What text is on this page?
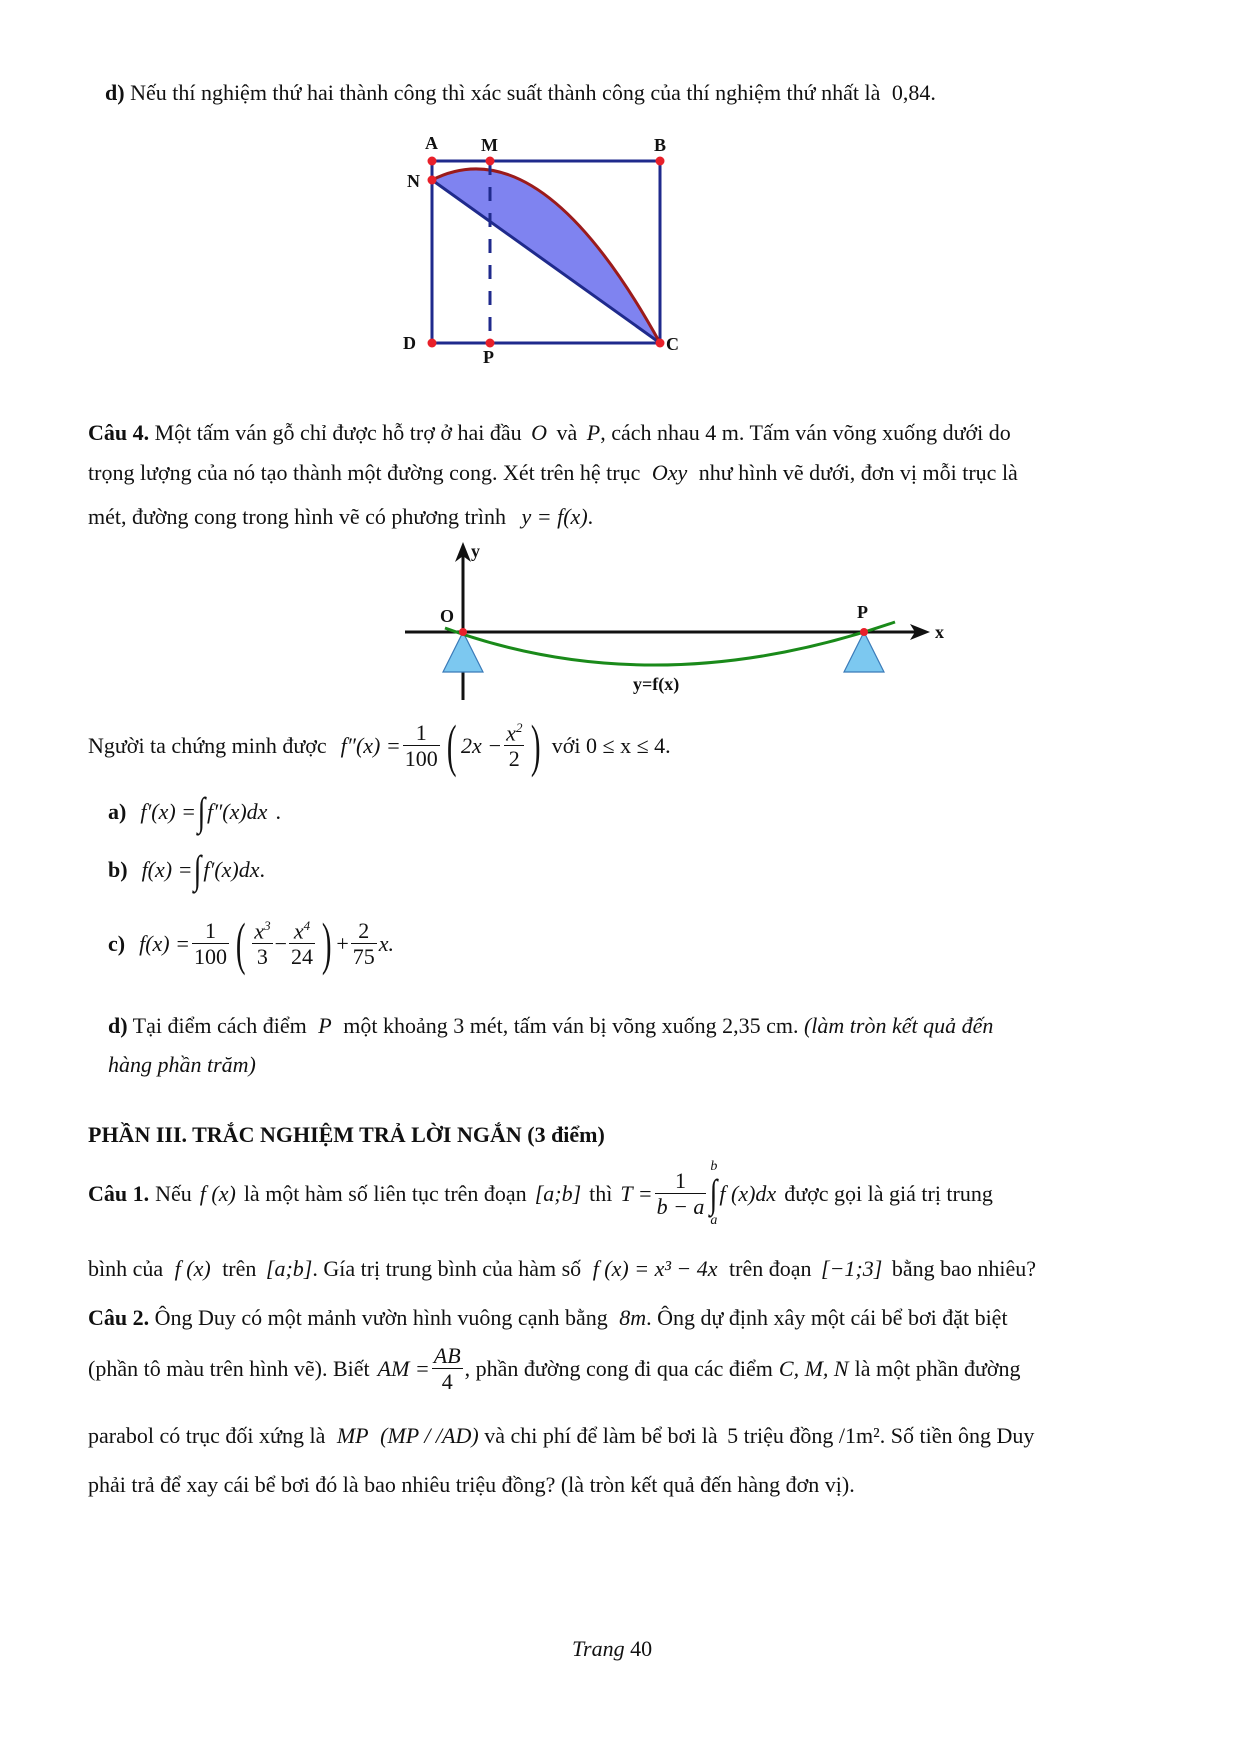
d) Nếu thí nghiệm thứ hai thành công thì xác suất thành công của thí nghiệm thứ nhất là 0,84.
A M	B
N
D
P
C
Câu 4. Một tấm ván gỗ chỉ được hỗ trợ ở hai đầu O và P, cách nhau 4 m. Tấm ván võng xuống dưới do
trọng lượng của nó tạo thành một đường cong. Xét trên hệ trục Oxy như hình vẽ dưới, đơn vị mỗi trục là
mét, đường cong trong hình vẽ có phương trình y = f(x).
y
x
O	P
y=f(x)
Người ta chứng minh được $f''(x) = \frac{1}{100}$ ( $2x - \frac{x^2}{2}$ ) với 0 ≤ x ≤ 4.
a) f′(x) = ∫ f″(x)dx .
b) f(x) = ∫ f′(x)dx .
c) $f(x) = \frac{1}{100}$ ( $\frac{x^3}{3} - \frac{x^4}{24}$ ) + $\frac{2}{75} x$.
d) Tại điểm cách điểm P một khoảng 3 mét, tấm ván bị võng xuống 2,35 cm. (làm tròn kết quả đến
hàng phần trăm)
PHẦN III. TRẮC NGHIỆM TRẢ LỜI NGẮN (3 điểm)
Câu 1. Nếu f (x) là một hàm số liên tục trên đoạn [a;b] thì $T = \frac{1}{b - a}$
b
∫
a
f (x)dx được gọi là giá trị trung
bình của f (x) trên [a;b]. Gía trị trung bình của hàm số f (x) = x³ − 4x trên đoạn [−1;3] bằng bao nhiêu?
Câu 2. Ông Duy có một mảnh vườn hình vuông cạnh bằng 8m. Ông dự định xây một cái bể bơi đặt biệt
(phần tô màu trên hình vẽ). Biết AM = $\frac{AB}{4}$ , phần đường cong đi qua các điểm C, M, N là một phần đường
parabol có trục đối xứng là MP (MP / /AD) và chi phí để làm bể bơi là 5 triệu đồng /1m². Số tiền ông Duy
phải trả để xay cái bể bơi đó là bao nhiêu triệu đồng? (là tròn kết quả đến hàng đơn vị).
Trang 40
